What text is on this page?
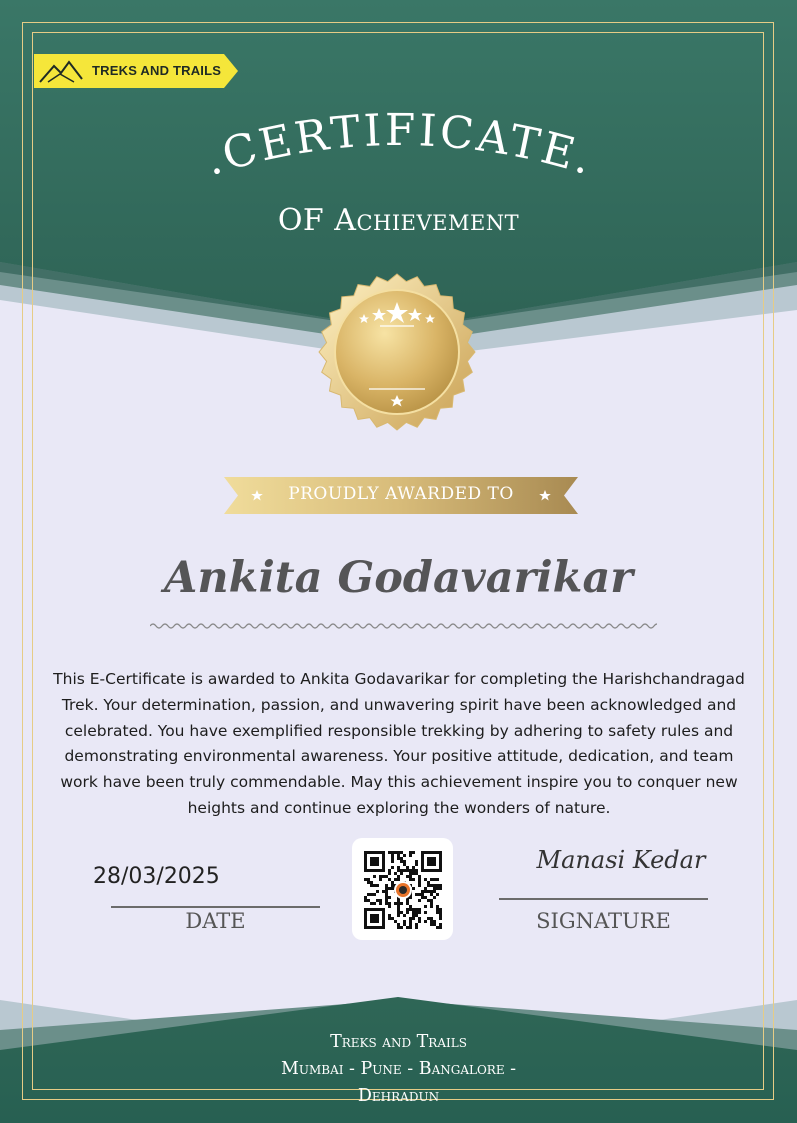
TREKS AND TRAILS
.CERTIFICATE.
OF Achievement
PROUDLY AWARDED TO
Ankita Godavarikar
This E-Certificate is awarded to Ankita Godavarikar for completing the Harishchandragad Trek. Your determination, passion, and unwavering spirit have been acknowledged and celebrated. You have exemplified responsible trekking by adhering to safety rules and demonstrating environmental awareness. Your positive attitude, dedication, and team work have been truly commendable. May this achievement inspire you to conquer new heights and continue exploring the wonders of nature.
28/03/2025
DATE
Manasi Kedar
SIGNATURE
Treks and Trails
Mumbai - Pune - Bangalore - Dehradun
